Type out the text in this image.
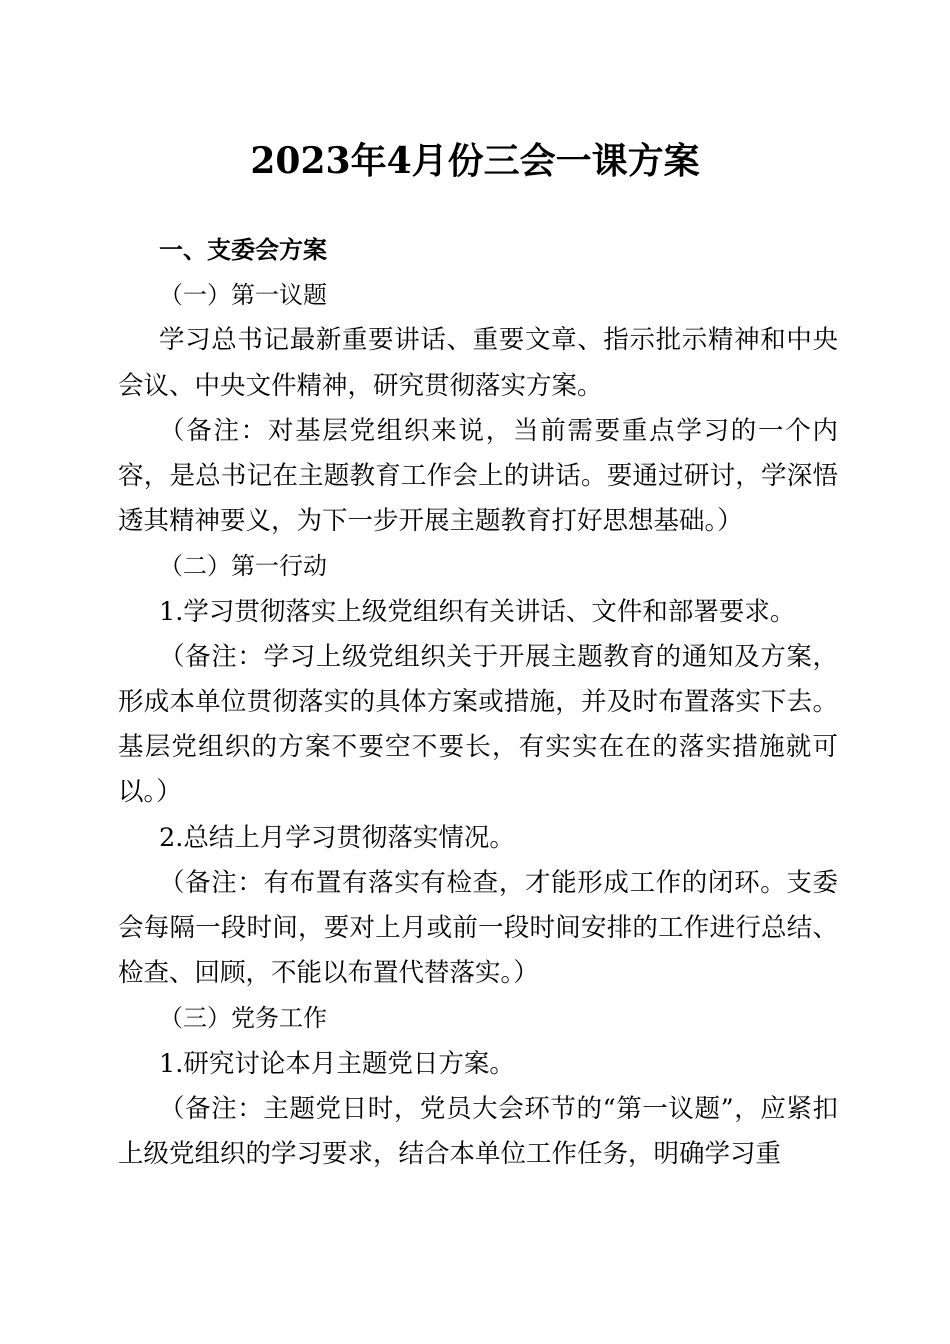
2023年4月份三会一课方案

一、支委会方案

（一）第一议题

学习总书记最新重要讲话、重要文章、指示批示精神和中央会议、中央文件精神，研究贯彻落实方案。

（备注：对基层党组织来说，当前需要重点学习的一个内容，是总书记在主题教育工作会上的讲话。要通过研讨，学深悟透其精神要义，为下一步开展主题教育打好思想基础。）

（二）第一行动

1.学习贯彻落实上级党组织有关讲话、文件和部署要求。

（备注：学习上级党组织关于开展主题教育的通知及方案，形成本单位贯彻落实的具体方案或措施，并及时布置落实下去。基层党组织的方案不要空不要长，有实实在在的落实措施就可以。）

2.总结上月学习贯彻落实情况。

（备注：有布置有落实有检查，才能形成工作的闭环。支委会每隔一段时间，要对上月或前一段时间安排的工作进行总结、检查、回顾，不能以布置代替落实。）

（三）党务工作

1.研究讨论本月主题党日方案。

（备注：主题党日时，党员大会环节的“第一议题”，应紧扣上级党组织的学习要求，结合本单位工作任务，明确学习重
